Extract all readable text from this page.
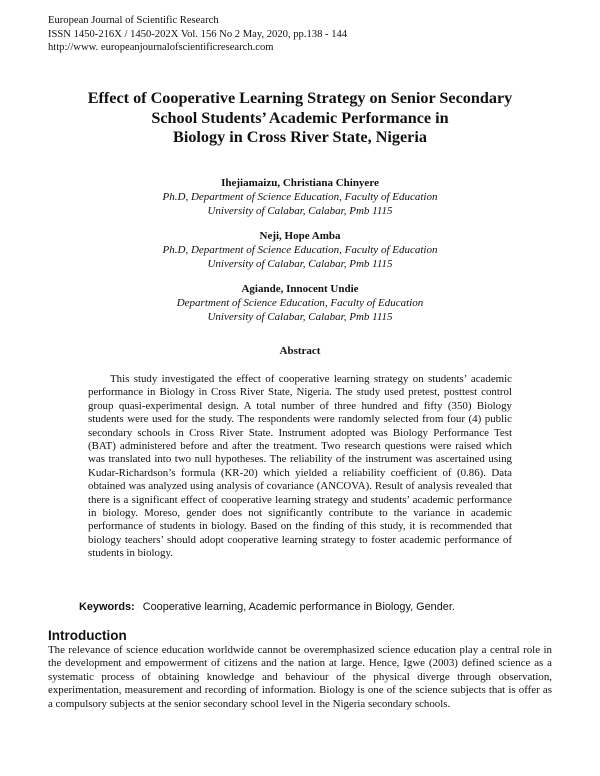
European Journal of Scientific Research
ISSN 1450-216X / 1450-202X Vol. 156 No 2 May, 2020, pp.138 - 144
http://www. europeanjournalofscientificresearch.com
Effect of Cooperative Learning Strategy on Senior Secondary
School Students’ Academic Performance in
Biology in Cross River State, Nigeria
Ihejiamaizu, Christiana Chinyere
Ph.D, Department of Science Education, Faculty of Education
University of Calabar, Calabar, Pmb 1115
Neji, Hope Amba
Ph.D, Department of Science Education, Faculty of Education
University of Calabar, Calabar, Pmb 1115
Agiande, Innocent Undie
Department of Science Education, Faculty of Education
University of Calabar, Calabar, Pmb 1115
Abstract
This study investigated the effect of cooperative learning strategy on students’ academic performance in Biology in Cross River State, Nigeria. The study used pretest, posttest control group quasi-experimental design. A total number of three hundred and fifty (350) Biology students were used for the study. The respondents were randomly selected from four (4) public secondary schools in Cross River State. Instrument adopted was Biology Performance Test (BAT) administered before and after the treatment. Two research questions were raised which was translated into two null hypotheses. The reliability of the instrument was ascertained using Kudar-Richardson’s formula (KR-20) which yielded a reliability coefficient of (0.86). Data obtained was analyzed using analysis of covariance (ANCOVA). Result of analysis revealed that there is a significant effect of cooperative learning strategy and students’ academic performance in biology. Moreso, gender does not significantly contribute to the variance in academic performance of students in biology. Based on the finding of this study, it is recommended that biology teachers’ should adopt cooperative learning strategy to foster academic performance of students in biology.
Keywords: Cooperative learning, Academic performance in Biology, Gender.
Introduction
The relevance of science education worldwide cannot be overemphasized science education play a central role in the development and empowerment of citizens and the nation at large. Hence, Igwe (2003) defined science as a systematic process of obtaining knowledge and behaviour of the physical diverge through observation, experimentation, measurement and recording of information. Biology is one of the science subjects that is offer as a compulsory subjects at the senior secondary school level in the Nigeria secondary schools.
